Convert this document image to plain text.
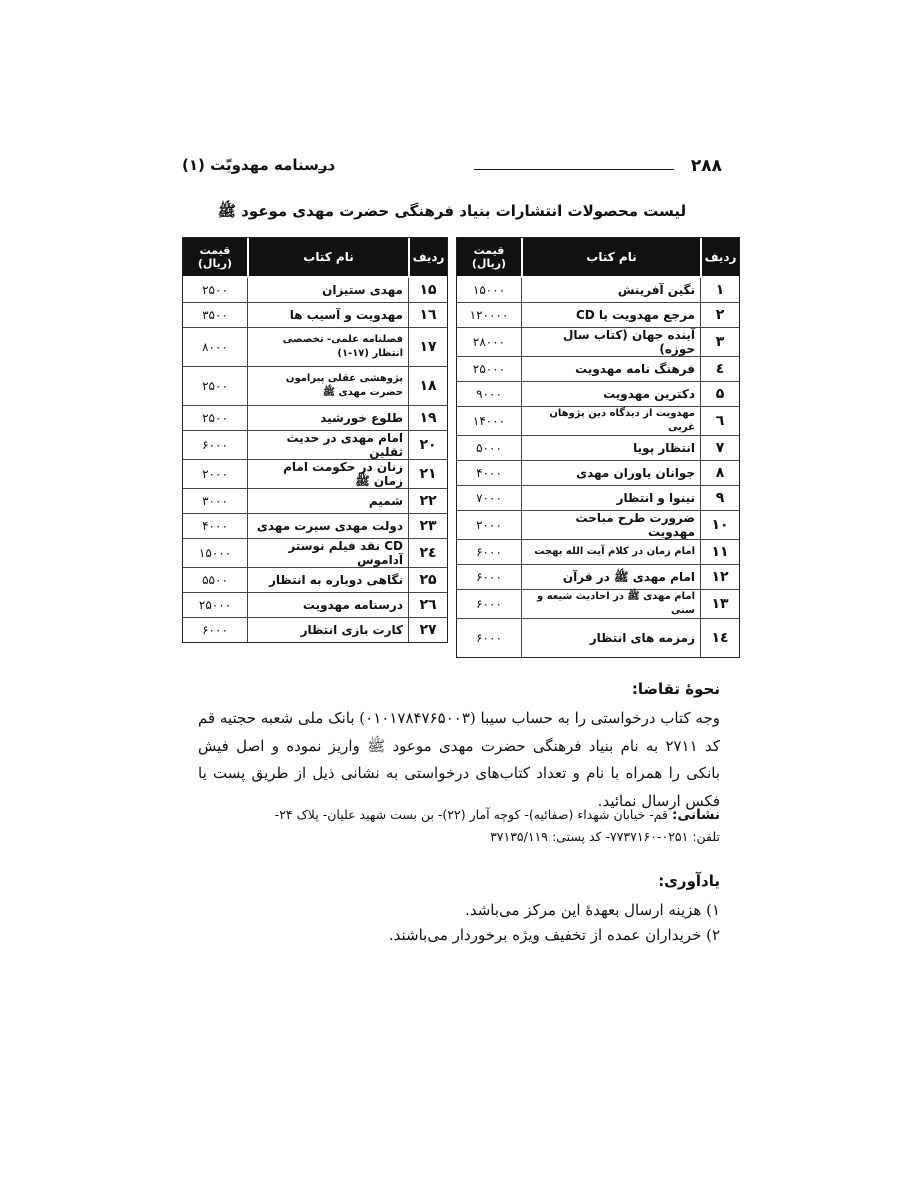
۲۸۸
درسنامه مهدویّت (۱)
لیست محصولات انتشارات بنیاد فرهنگی حضرت مهدی موعود ﷺ
ردیف	نام کتاب	قیمت (ریال)
۱	نگین آفرینش	۱۵۰۰۰
۲	مرجع مهدویت با CD	۱۲۰۰۰۰
۳	آینده جهان (کتاب سال حوزه)	۲۸۰۰۰
٤	فرهنگ نامه مهدویت	۲۵۰۰۰
۵	دکترین مهدویت	۹۰۰۰
٦	مهدویت از دیدگاه دین پژوهان غربی	۱۴۰۰۰
۷	انتظار پویا	۵۰۰۰
۸	جوانان یاوران مهدی	۴۰۰۰
۹	نینوا و انتظار	۷۰۰۰
۱۰	ضرورت طرح مباحث مهدویت	۲۰۰۰
۱۱	امام زمان در کلام آیت الله بهجت	۶۰۰۰
۱۲	امام مهدی ﷺ در قرآن	۶۰۰۰
۱۳	امام مهدی ﷺ در احادیث شیعه و سنی	۶۰۰۰
١٤	زمزمه های انتظار	۶۰۰۰
ردیف	نام کتاب	قیمت (ریال)
۱۵	مهدی ستیزان	۲۵۰۰
۱٦	مهدویت و آسیب ها	۳۵۰۰
۱۷	فصلنامه علمی- تخصصی انتظار (۱۷-۱)	۸۰۰۰
۱۸	پژوهشی عقلی پیرامون حضرت مهدی ﷺ	۲۵۰۰
۱۹	طلوع خورشید	۲۵۰۰
۲۰	امام مهدی در حدیث ثقلین	۶۰۰۰
۲۱	زنان در حکومت امام زمان ﷺ	۲۰۰۰
۲۲	شمیم	۳۰۰۰
۲۳	دولت مهدی سیرت مهدی	۴۰۰۰
۲٤	CD نقد فیلم نوستر آداموس	۱۵۰۰۰
۲۵	نگاهی دوباره به انتظار	۵۵۰۰
۲٦	درسنامه مهدویت	۲۵۰۰۰
۲۷	کارت بازی انتظار	۶۰۰۰
نحوهٔ تقاضا:
وجه کتاب درخواستی را به حساب سیبا (۰۱۰۱۷۸۴۷۶۵۰۰۳) بانک ملی شعبه حجتیه قم کد ۲۷۱۱ به نام بنیاد فرهنگی حضرت مهدی موعود ﷺ واریز نموده و اصل فیش بانکی را همراه با نام و تعداد کتاب‌های درخواستی به نشانی ذیل از طریق پست یا فکس ارسال نمائید.
نشانی: قم- خیابان شهداء (صفائیه)- کوچه آمار (۲۲)- بن بست شهید علیان- پلاک ۲۴-
تلفن: ۰۲۵۱-۷۷۳۷۱۶۰- کد پستی: ۳۷۱۳۵/۱۱۹
یادآوری:
۱) هزینه ارسال بعهدهٔ این مرکز می‌باشد.
۲) خریداران عمده از تخفیف ویژه برخوردار می‌باشند.
